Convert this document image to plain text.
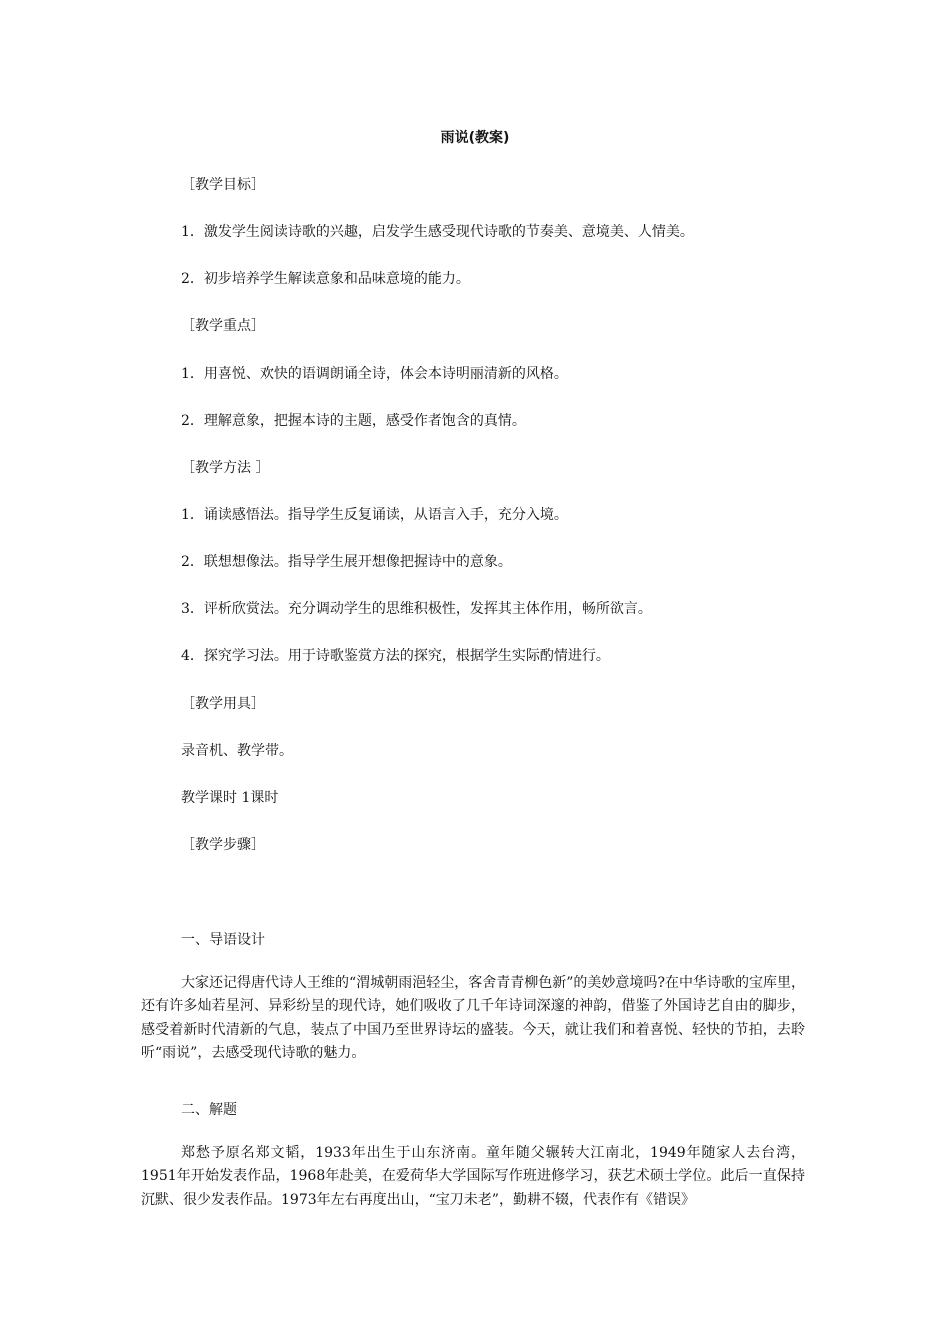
雨说(教案)
［教学目标］
1．激发学生阅读诗歌的兴趣，启发学生感受现代诗歌的节奏美、意境美、人情美。
2．初步培养学生解读意象和品味意境的能力。
［教学重点］
1．用喜悦、欢快的语调朗诵全诗，体会本诗明丽清新的风格。
2．理解意象，把握本诗的主题，感受作者饱含的真情。
［教学方法 ］
1．诵读感悟法。指导学生反复诵读，从语言入手，充分入境。
2．联想想像法。指导学生展开想像把握诗中的意象。
3．评析欣赏法。充分调动学生的思维积极性，发挥其主体作用，畅所欲言。
4．探究学习法。用于诗歌鉴赏方法的探究，根据学生实际酌情进行。
［教学用具］
录音机、教学带。
教学课时 1课时
［教学步骤］
一、导语设计

大家还记得唐代诗人王维的“渭城朝雨浥轻尘，客舍青青柳色新”的美妙意境吗?在中华诗歌的宝库里，还有许多灿若星河、异彩纷呈的现代诗，她们吸收了几千年诗词深邃的神韵，借鉴了外国诗艺自由的脚步，感受着新时代清新的气息，装点了中国乃至世界诗坛的盛装。今天，就让我们和着喜悦、轻快的节拍，去聆听“雨说”，去感受现代诗歌的魅力。

二、解题

郑愁予原名郑文韬，1933年出生于山东济南。童年随父辗转大江南北，1949年随家人去台湾，1951年开始发表作品，1968年赴美，在爱荷华大学国际写作班进修学习，获艺术硕士学位。此后一直保持沉默、很少发表作品。1973年左右再度出山，“宝刀未老”，勤耕不辍，代表作有《错误》
